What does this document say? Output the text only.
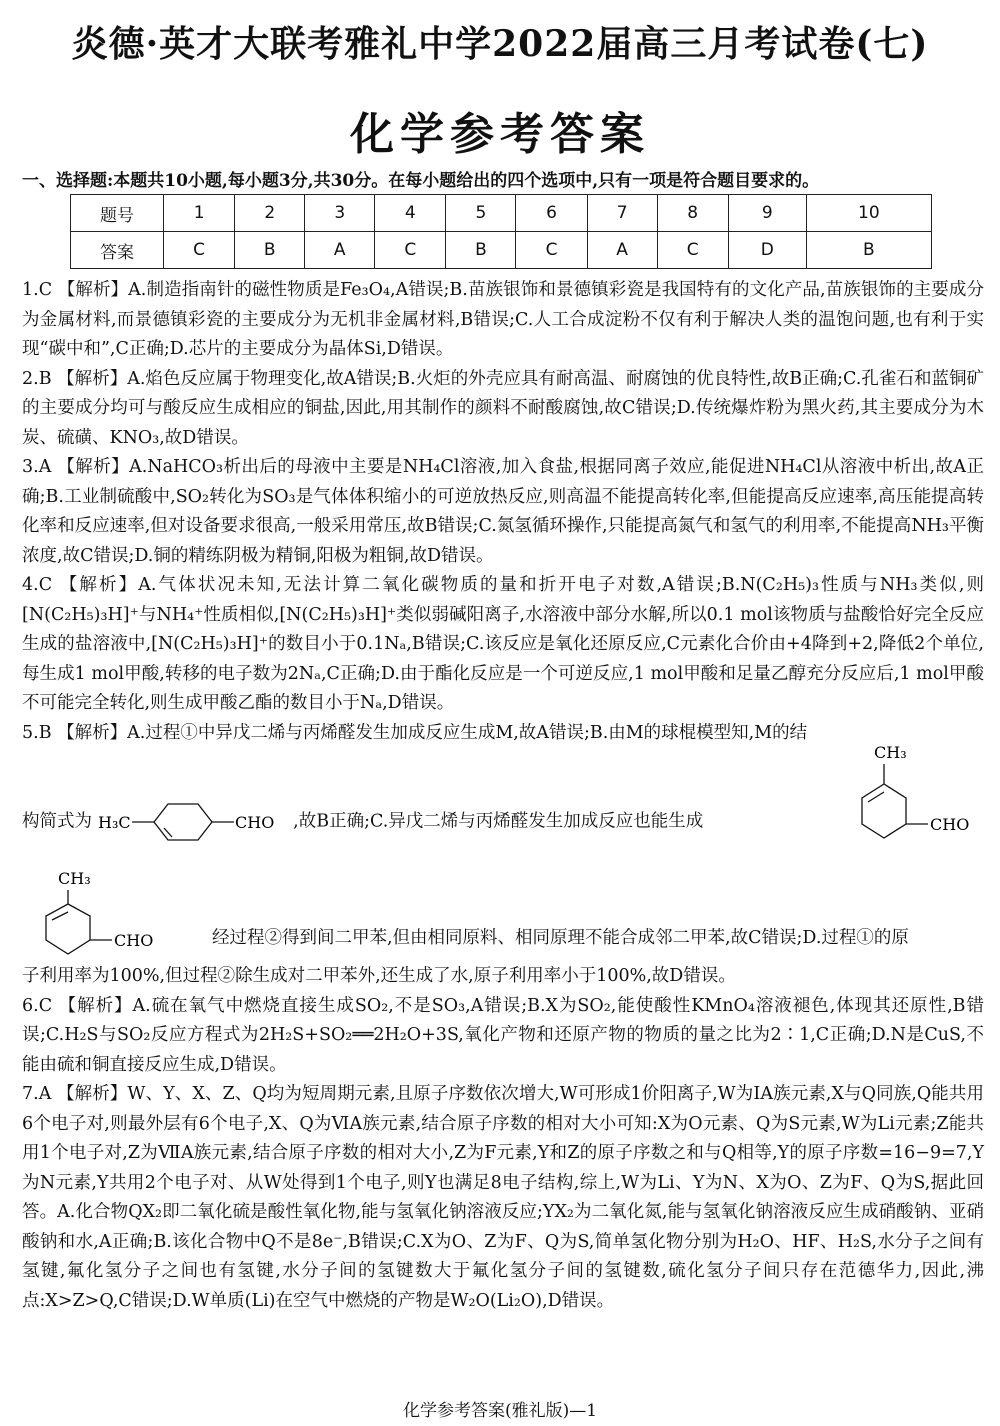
炎德·英才大联考雅礼中学2022届高三月考试卷(七)
化学参考答案
一、选择题:本题共10小题,每小题3分,共30分。在每小题给出的四个选项中,只有一项是符合题目要求的。
题号	1	2	3	4	5	6	7	8	9	10
答案	C	B	A	C	B	C	A	C	D	B

1.C 【解析】A.制造指南针的磁性物质是Fe₃O₄,A错误;B.苗族银饰和景德镇彩瓷是我国特有的文化产品,苗族银饰的主要成分为金属材料,而景德镇彩瓷的主要成分为无机非金属材料,B错误;C.人工合成淀粉不仅有利于解决人类的温饱问题,也有利于实现“碳中和”,C正确;D.芯片的主要成分为晶体Si,D错误。

2.B 【解析】A.焰色反应属于物理变化,故A错误;B.火炬的外壳应具有耐高温、耐腐蚀的优良特性,故B正确;C.孔雀石和蓝铜矿的主要成分均可与酸反应生成相应的铜盐,因此,用其制作的颜料不耐酸腐蚀,故C错误;D.传统爆炸粉为黑火药,其主要成分为木炭、硫磺、KNO₃,故D错误。

3.A 【解析】A.NaHCO₃析出后的母液中主要是NH₄Cl溶液,加入食盐,根据同离子效应,能促进NH₄Cl从溶液中析出,故A正确;B.工业制硫酸中,SO₂转化为SO₃是气体体积缩小的可逆放热反应,则高温不能提高转化率,但能提高反应速率,高压能提高转化率和反应速率,但对设备要求很高,一般采用常压,故B错误;C.氮氢循环操作,只能提高氮气和氢气的利用率,不能提高NH₃平衡浓度,故C错误;D.铜的精练阴极为精铜,阳极为粗铜,故D错误。

4.C 【解析】A.气体状况未知,无法计算二氧化碳物质的量和折开电子对数,A错误;B.N(C₂H₅)₃性质与NH₃类似,则[N(C₂H₅)₃H]⁺与NH₄⁺性质相似,[N(C₂H₅)₃H]⁺类似弱碱阳离子,水溶液中部分水解,所以0.1 mol该物质与盐酸恰好完全反应生成的盐溶液中,[N(C₂H₅)₃H]⁺的数目小于0.1Nₐ,B错误;C.该反应是氧化还原反应,C元素化合价由+4降到+2,降低2个单位,每生成1 mol甲酸,转移的电子数为2Nₐ,C正确;D.由于酯化反应是一个可逆反应,1 mol甲酸和足量乙醇充分反应后,1 mol甲酸不可能完全转化,则生成甲酸乙酯的数目小于Nₐ,D错误。

5.B 【解析】A.过程①中异戊二烯与丙烯醛发生加成反应生成M,故A错误;B.由M的球棍模型知,M的结

构简式为 H₃C	CHO ,故B正确;C.异戊二烯与丙烯醛发生加成反应也能生成
CH₃
CHO
CH₃
CHO	经过程②得到间二甲苯,但由相同原料、相同原理不能合成邻二甲苯,故C错误;D.过程①的原

子利用率为100%,但过程②除生成对二甲苯外,还生成了水,原子利用率小于100%,故D错误。

6.C 【解析】A.硫在氧气中燃烧直接生成SO₂,不是SO₃,A错误;B.X为SO₂,能使酸性KMnO₄溶液褪色,体现其还原性,B错误;C.H₂S与SO₂反应方程式为2H₂S+SO₂══2H₂O+3S,氧化产物和还原产物的物质的量之比为2∶1,C正确;D.N是CuS,不能由硫和铜直接反应生成,D错误。

7.A 【解析】W、Y、X、Z、Q均为短周期元素,且原子序数依次增大,W可形成1价阳离子,W为ⅠA族元素,X与Q同族,Q能共用6个电子对,则最外层有6个电子,X、Q为ⅥA族元素,结合原子序数的相对大小可知:X为O元素、Q为S元素,W为Li元素;Z能共用1个电子对,Z为ⅦA族元素,结合原子序数的相对大小,Z为F元素,Y和Z的原子序数之和与Q相等,Y的原子序数=16−9=7,Y为N元素,Y共用2个电子对、从W处得到1个电子,则Y也满足8电子结构,综上,W为Li、Y为N、X为O、Z为F、Q为S,据此回答。A.化合物QX₂即二氧化硫是酸性氧化物,能与氢氧化钠溶液反应;YX₂为二氧化氮,能与氢氧化钠溶液反应生成硝酸钠、亚硝酸钠和水,A正确;B.该化合物中Q不是8e⁻,B错误;C.X为O、Z为F、Q为S,简单氢化物分别为H₂O、HF、H₂S,水分子之间有氢键,氟化氢分子之间也有氢键,水分子间的氢键数大于氟化氢分子间的氢键数,硫化氢分子间只存在范德华力,因此,沸点:X>Z>Q,C错误;D.W单质(Li)在空气中燃烧的产物是W₂O(Li₂O),D错误。

化学参考答案(雅礼版)—1
